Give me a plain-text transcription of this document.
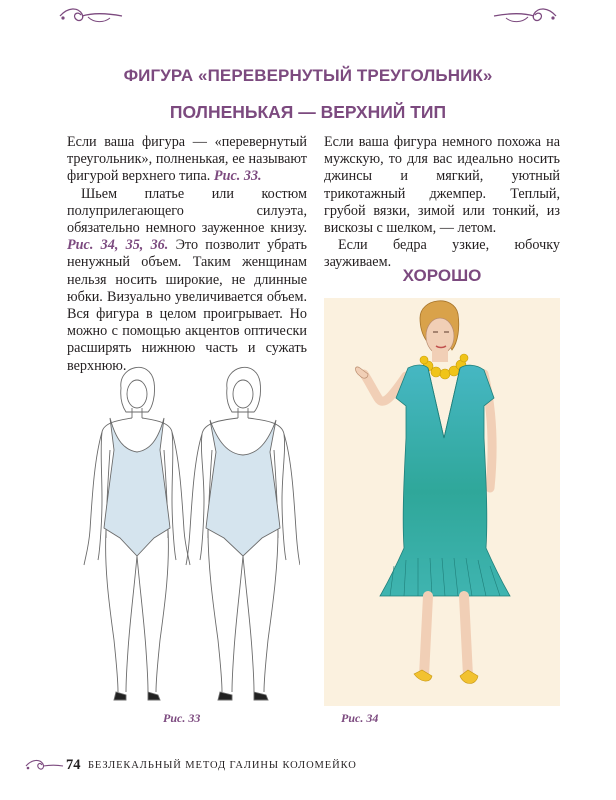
ФИГУРА «ПЕРЕВЕРНУТЫЙ ТРЕУГОЛЬНИК»
ПОЛНЕНЬКАЯ — ВЕРХНИЙ ТИП

Если ваша фигура — «перевернутый треугольник», полненькая, ее называют фигурой верхнего типа. Рис. 33.

Шьем платье или костюм полуприлегающего силуэта, обязательно немного зауженное книзу. Рис. 34, 35, 36. Это позволит убрать ненужный объем. Таким женщинам нельзя носить широкие, не длинные юбки. Визуально увеличивается объем. Вся фигура в целом проигрывает. Но можно с помощью акцентов оптически расширять нижнюю часть и сужать верхнюю.

Если ваша фигура немного похожа на мужскую, то для вас идеально носить джинсы и мягкий, уютный трикотажный джемпер. Теплый, грубой вязки, зимой или тонкий, из вискозы с шелком, — летом.

Если бедра узкие, юбочку зауживаем.

ХОРОШО
Рис. 33	Рис. 34
74 БЕЗЛЕКАЛЬНЫЙ МЕТОД ГАЛИНЫ КОЛОМЕЙКО
